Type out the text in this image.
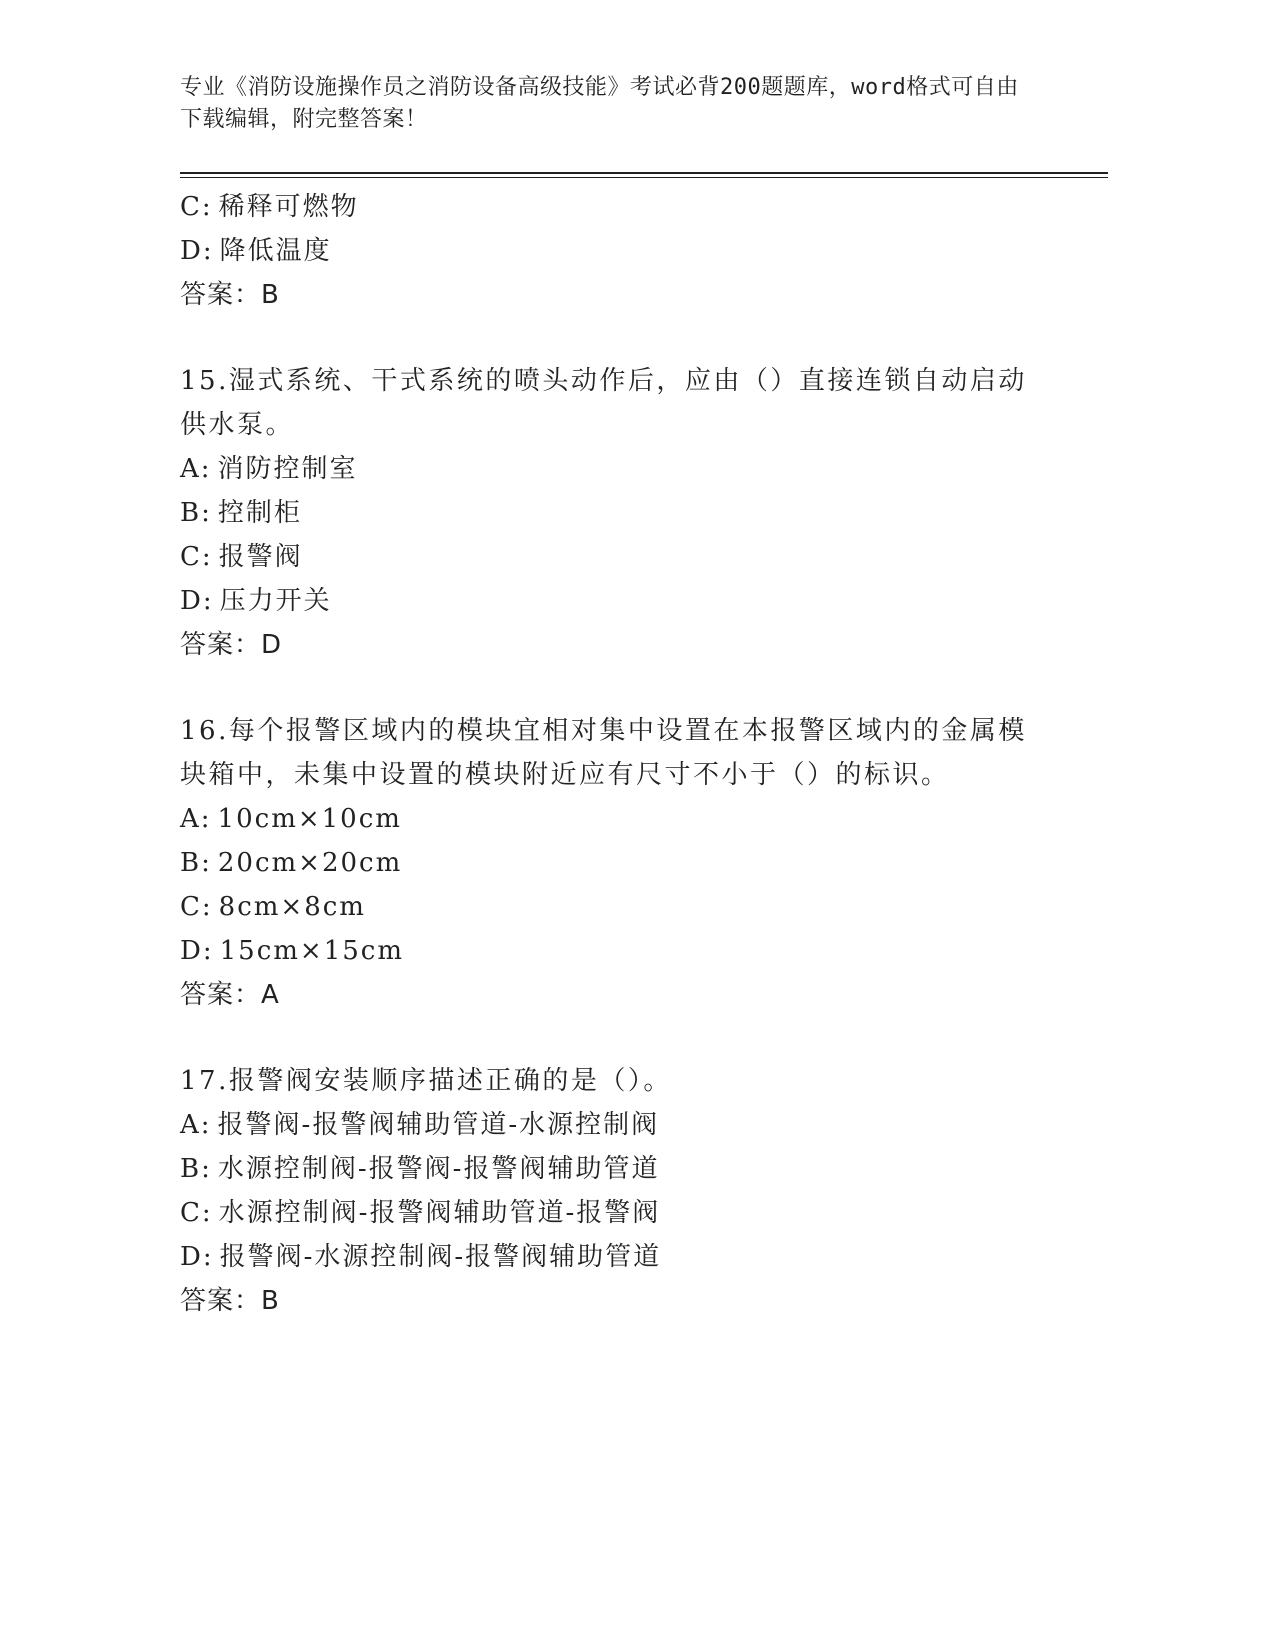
专业《消防设施操作员之消防设备高级技能》考试必背200题题库，word格式可自由下载编辑，附完整答案！
C: 稀释可燃物
D: 降低温度
答案：B
15.湿式系统、干式系统的喷头动作后，应由（）直接连锁自动启动供水泵。
A: 消防控制室
B: 控制柜
C: 报警阀
D: 压力开关
答案：D
16.每个报警区域内的模块宜相对集中设置在本报警区域内的金属模块箱中，未集中设置的模块附近应有尺寸不小于（）的标识。
A: 10cm×10cm
B: 20cm×20cm
C: 8cm×8cm
D: 15cm×15cm
答案：A
17.报警阀安装顺序描述正确的是（）。
A: 报警阀-报警阀辅助管道-水源控制阀
B: 水源控制阀-报警阀-报警阀辅助管道
C: 水源控制阀-报警阀辅助管道-报警阀
D: 报警阀-水源控制阀-报警阀辅助管道
答案：B
